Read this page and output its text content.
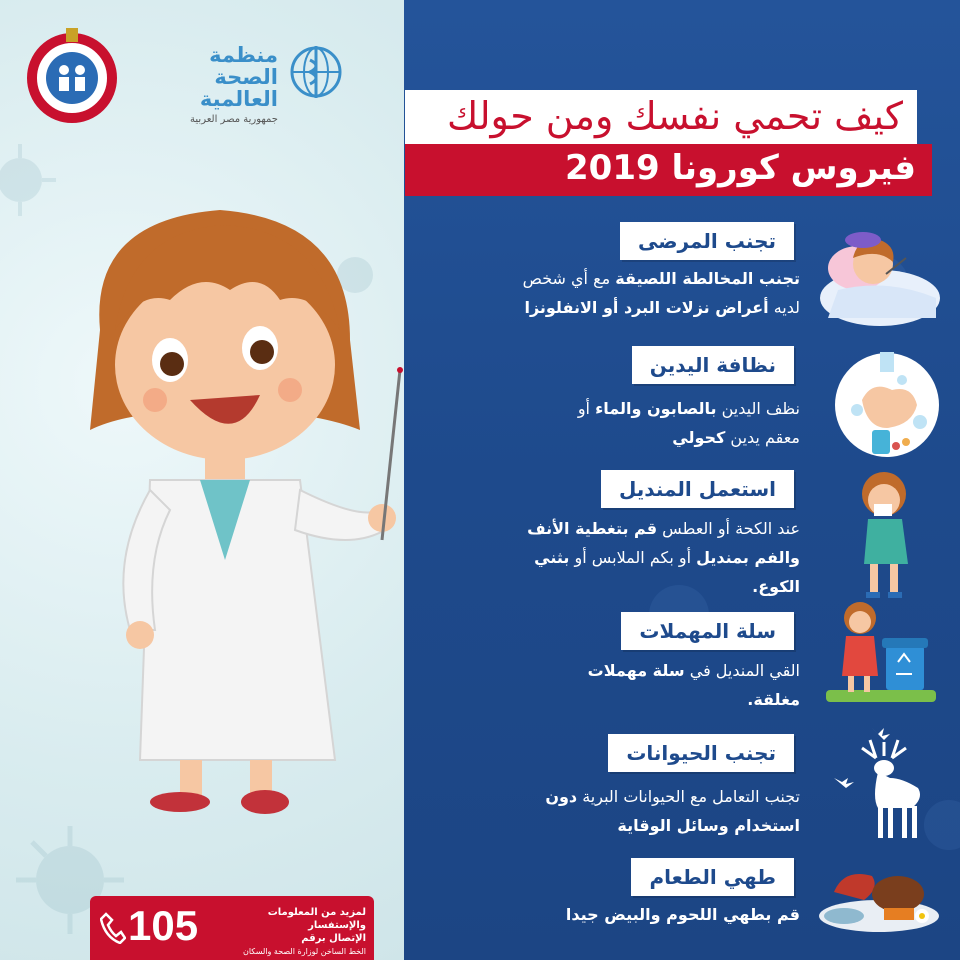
منظمة
الصحة العالمية
جمهورية مصر العربية
105	لمزيد من المعلومات والإستفسار
الإتصال برقم
الخط الساخن لوزارة الصحة والسكان
كيف تحمي نفسك ومن حولك
فيروس كورونا 2019
تجنب المرضى
تجنب المخالطة اللصيقة مع أي شخص
لديه أعراض نزلات البرد أو الانفلونزا
نظافة اليدين
نظف اليدين بالصابون والماء أو
معقم يدين كحولي
استعمل المنديل
عند الكحة أو العطس قم بتغطية الأنف
والفم بمنديل أو بكم الملابس أو بثني
الكوع.
سلة المهملات
القي المنديل في سلة مهملات
مغلقة.
تجنب الحيوانات
تجنب التعامل مع الحيوانات البرية دون
استخدام وسائل الوقاية
طهي الطعام
قم بطهي اللحوم والبيض جيدا
